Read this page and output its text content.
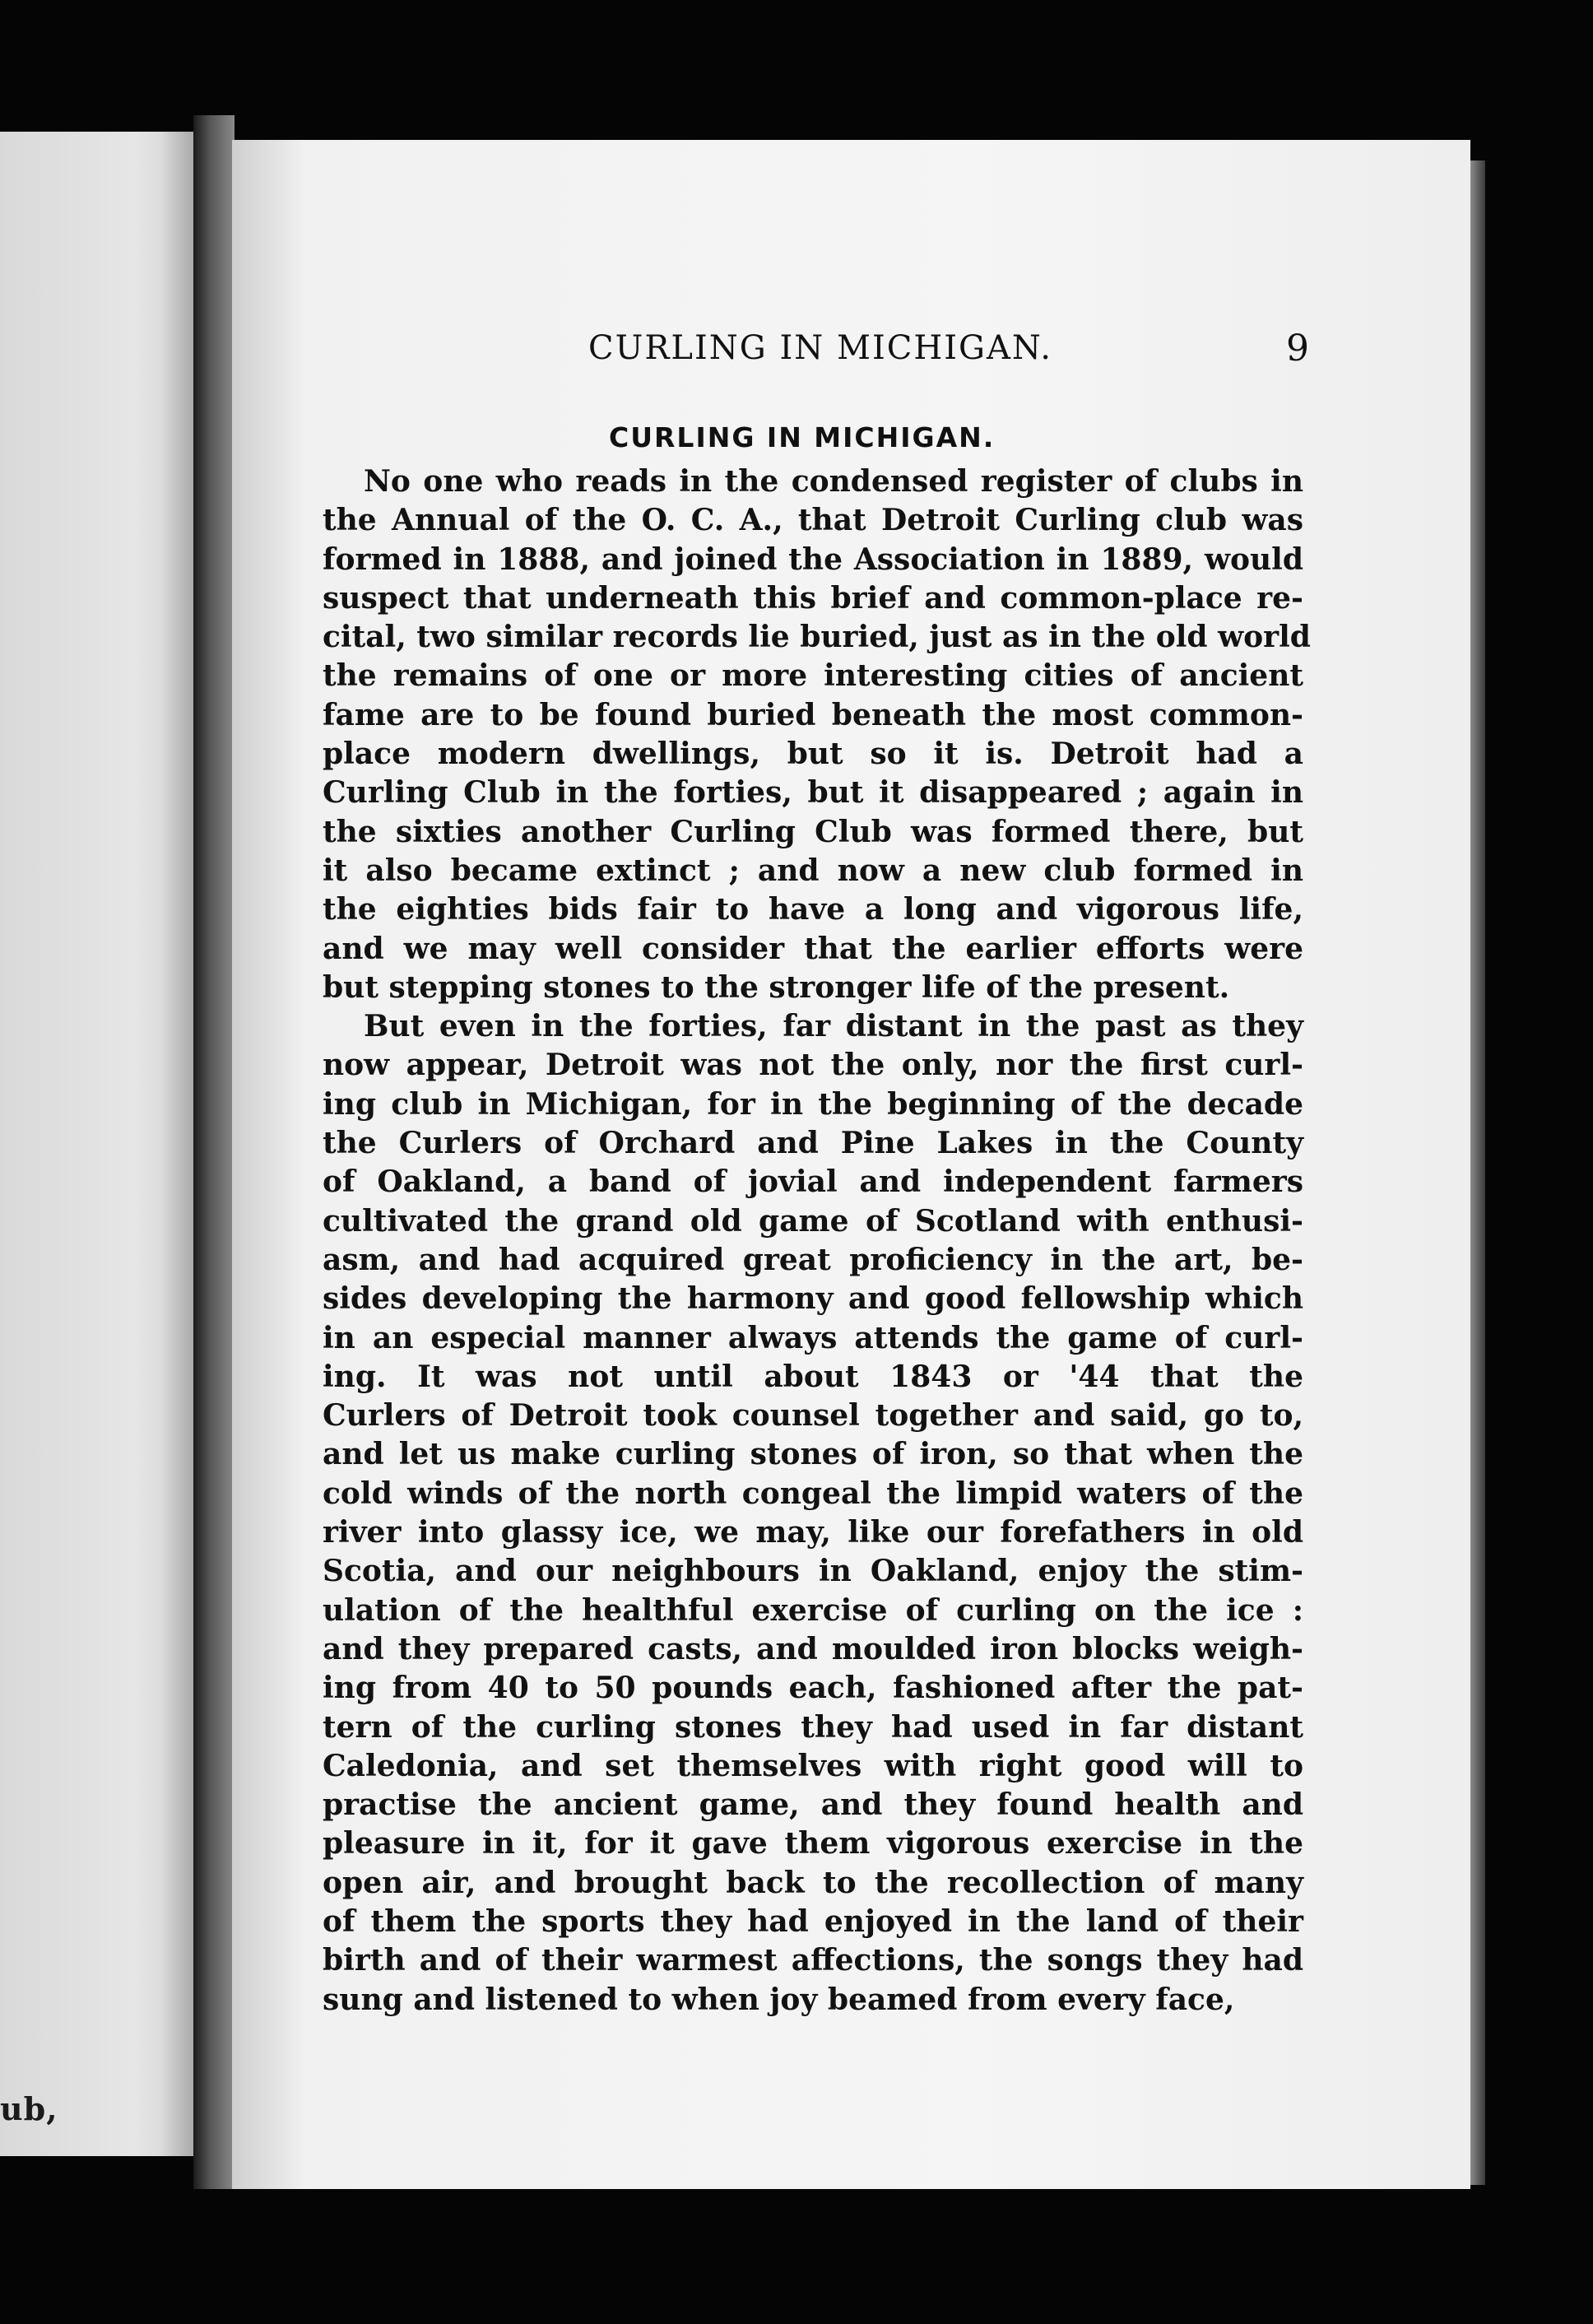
ub,
CURLING IN MICHIGAN.	9
CURLING IN MICHIGAN.
No one who reads in the condensed register of clubs in
the Annual of the O. C. A., that Detroit Curling club was
formed in 1888, and joined the Association in 1889, would
suspect that underneath this brief and common-place re-
cital, two similar records lie buried, just as in the old world
the remains of one or more interesting cities of ancient
fame are to be found buried beneath the most common-
place modern dwellings, but so it is. Detroit had a
Curling Club in the forties, but it disappeared ; again in
the sixties another Curling Club was formed there, but
it also became extinct ; and now a new club formed in
the eighties bids fair to have a long and vigorous life,
and we may well consider that the earlier efforts were
but stepping stones to the stronger life of the present.
But even in the forties, far distant in the past as they
now appear, Detroit was not the only, nor the first curl-
ing club in Michigan, for in the beginning of the decade
the Curlers of Orchard and Pine Lakes in the County
of Oakland, a band of jovial and independent farmers
cultivated the grand old game of Scotland with enthusi-
asm, and had acquired great proficiency in the art, be-
sides developing the harmony and good fellowship which
in an especial manner always attends the game of curl-
ing. It was not until about 1843 or '44 that the
Curlers of Detroit took counsel together and said, go to,
and let us make curling stones of iron, so that when the
cold winds of the north congeal the limpid waters of the
river into glassy ice, we may, like our forefathers in old
Scotia, and our neighbours in Oakland, enjoy the stim-
ulation of the healthful exercise of curling on the ice :
and they prepared casts, and moulded iron blocks weigh-
ing from 40 to 50 pounds each, fashioned after the pat-
tern of the curling stones they had used in far distant
Caledonia, and set themselves with right good will to
practise the ancient game, and they found health and
pleasure in it, for it gave them vigorous exercise in the
open air, and brought back to the recollection of many
of them the sports they had enjoyed in the land of their
birth and of their warmest affections, the songs they had
sung and listened to when joy beamed from every face,
